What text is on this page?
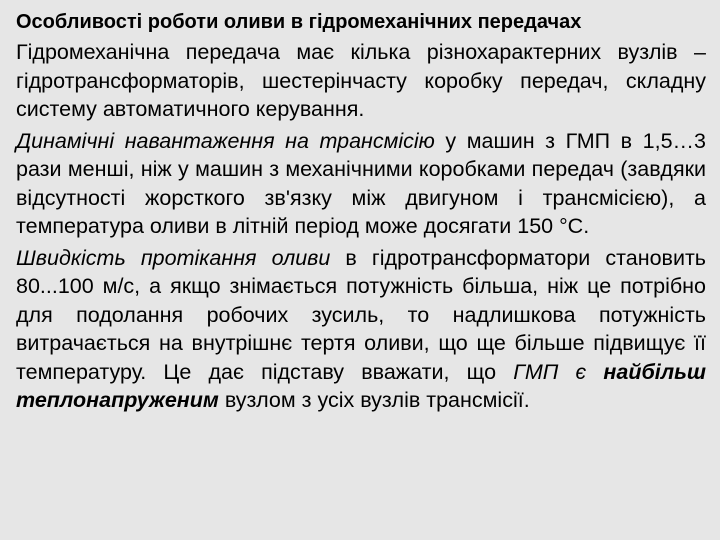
Особливості роботи оливи в гідромеханічних передачах

Гідромеханічна передача має кілька різнохарактерних вузлів – гідротрансформаторів, шестерінчасту коробку передач, складну систему автоматичного керування.

Динамічні навантаження на трансмісію у машин з ГМП в 1,5…3 рази менші, ніж у машин з механічними коробками передач (завдяки відсутності жорсткого зв'язку між двигуном і трансмісією), а температура оливи в літній період може досягати 150 °С.

Швидкість протікання оливи в гідротрансформатори становить 80...100 м/с, а якщо знімається потужність більша, ніж це потрібно для подолання робочих зусиль, то надлишкова потужність витрачається на внутрішнє тертя оливи, що ще більше підвищує її температуру. Це дає підставу вважати, що ГМП є найбільш теплонапруженим вузлом з усіх вузлів трансмісії.
